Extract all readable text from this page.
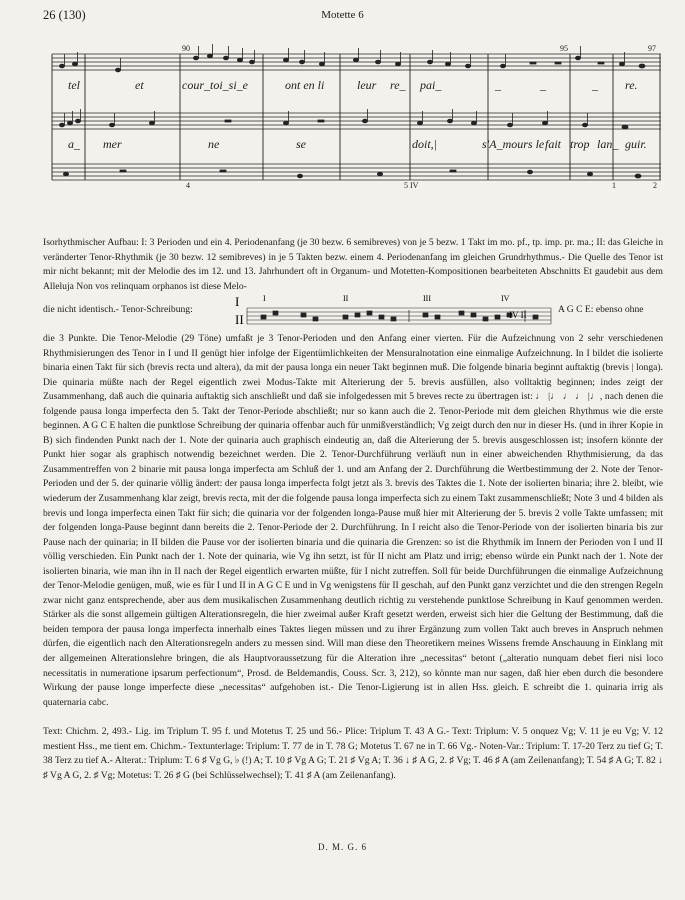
26 (130)	Motette 6
90	95	97
4	5 IV	1	2
tel	et	cour_toi_si_e	ont en li	leur re_ pai_	_	_	_ re.
a_ mer	ne	se	doit,|	s'A_mours le fait trop lan_ guir.

Isorhythmischer Aufbau: I: 3 Perioden und ein 4. Periodenanfang (je 30 bezw. 6 semibreves) von je 5 bezw. 1 Takt im mo. pf., tp. imp. pr. ma.; II: das Gleiche in veränderter Tenor-Rhythmik (je 30 bezw. 12 semibreves) in je 5 Takten bezw. einem 4. Periodenanfang im gleichen Grundrhythmus.- Die Quelle des Tenor ist mir nicht bekannt; mit der Melodie des im 12. und 13. Jahrhundert oft in Organum- und Motetten-Kompositionen bearbeiteten Abschnitts Et gaudebit aus dem Alleluja Non vos relinquam orphanos ist diese Melo-

die nicht identisch.- Tenor-Schreibung:
I
II
I	II	III	IV
IV II	A G C E: ebenso ohne

die 3 Punkte. Die Tenor-Melodie (29 Töne) umfaßt je 3 Tenor-Perioden und den Anfang einer vierten. Für die Aufzeichnung von 2 sehr verschiedenen Rhythmisierungen des Tenor in I und II genügt hier infolge der Eigentümlichkeiten der Mensuralnotation eine einmalige Aufzeichnung. In I bildet die isolierte binaria einen Takt für sich (brevis recta und altera), da mit der pausa longa ein neuer Takt beginnen muß. Die folgende binaria beginnt auftaktig (brevis | longa). Die quinaria müßte nach der Regel eigentlich zwei Modus-Takte mit Alterierung der 5. brevis ausfüllen, also volltaktig beginnen; indes zeigt der Zusammenhang, daß auch die quinaria auftaktig sich anschließt und daß sie infolgedessen mit 5 breves recte zu übertragen ist: ♩ |♩ ♩ ♩ |♩, nach denen die folgende pausa longa imperfecta den 5. Takt der Tenor-Periode abschließt; nur so kann auch die 2. Tenor-Periode mit dem gleichen Rhythmus wie die erste beginnen. A G C E halten die punktlose Schreibung der quinaria offenbar auch für unmißverständlich; Vg zeigt durch den nur in dieser Hs. (und in ihrer Kopie in B) sich findenden Punkt nach der 1. Note der quinaria auch graphisch eindeutig an, daß die Alterierung der 5. brevis ausgeschlossen ist; insofern könnte der Punkt hier sogar als graphisch notwendig bezeichnet werden. Die 2. Tenor-Durchführung verläuft nun in einer abweichenden Rhythmisierung, da das Zusammentreffen von 2 binarie mit pausa longa imperfecta am Schluß der 1. und am Anfang der 2. Durchführung die Wertbestimmung der 2. Note der Tenor-Perioden und der 5. der quinarie völlig ändert: der pausa longa imperfecta folgt jetzt als 3. brevis des Taktes die 1. Note der isolierten binaria; ihre 2. bleibt, wie wiederum der Zusammenhang klar zeigt, brevis recta, mit der die folgende pausa longa imperfecta sich zu einem Takt zusammenschließt; Note 3 und 4 bilden als brevis und longa imperfecta einen Takt für sich; die quinaria vor der folgenden longa-Pause muß hier mit Alterierung der 5. brevis 2 volle Takte umfassen; mit der folgenden longa-Pause beginnt dann bereits die 2. Tenor-Periode der 2. Durchführung. In I reicht also die Tenor-Periode von der isolierten binaria bis zur Pause nach der quinaria; in II bilden die Pause vor der isolierten binaria und die quinaria die Grenzen: so ist die Rhythmik im Innern der Perioden von I und II völlig verschieden. Ein Punkt nach der 1. Note der quinaria, wie Vg ihn setzt, ist für II nicht am Platz und irrig; ebenso würde ein Punkt nach der 1. Note der isolierten binaria, wie man ihn in II nach der Regel eigentlich erwarten müßte, für I nicht zutreffen. Soll für beide Durchführungen die einmalige Aufzeichnung der Tenor-Melodie genügen, muß, wie es für I und II in A G C E und in Vg wenigstens für II geschah, auf den Punkt ganz verzichtet und die den strengen Regeln zwar nicht ganz entsprechende, aber aus dem musikalischen Zusammenhang deutlich richtig zu verstehende punktlose Schreibung in Kauf genommen werden. Stärker als die sonst allgemein gültigen Alterationsregeln, die hier zweimal außer Kraft gesetzt werden, erweist sich hier die Geltung der Bestimmung, daß die beiden tempora der pausa longa imperfecta innerhalb eines Taktes liegen müssen und zu ihrer Ergänzung zum vollen Takt auch breves in Anspruch nehmen dürfen, die eigentlich nach den Alterationsregeln anders zu messen sind. Will man diese den Theoretikern meines Wissens fremde Anschauung in Einklang mit der allgemeinen Alterationslehre bringen, die als Hauptvoraussetzung für die Alteration ihre „necessitas“ betont („alteratio nunquam debet fieri nisi loco necessitatis in numeratione ipsarum perfectionum“, Prosd. de Beldemandis, Couss. Scr. 3, 212), so könnte man nur sagen, daß hier eben durch die besondere Wirkung der pause longe imperfecte diese „necessitas“ aufgehoben ist.- Die Tenor-Ligierung ist in allen Hss. gleich. E schreibt die 1. quinaria irrig als quaternaria cabc.

Text: Chichm. 2, 493.- Lig. im Triplum T. 95 f. und Motetus T. 25 und 56.- Plice: Triplum T. 43 A G.- Text: Triplum: V. 5 onquez Vg; V. 11 je eu Vg; V. 12 mestient Hss., me tient em. Chichm.- Textunterlage: Triplum: T. 77 de in T. 78 G; Motetus T. 67 ne in T. 66 Vg.- Noten-Var.: Triplum: T. 17-20 Terz zu tief G; T. 38 Terz zu tief A.- Alterat.: Triplum: T. 6 ♯ Vg G, ♭ (!) A; T. 10 ♯ Vg A G; T. 21 ♯ Vg A; T. 36 ↓ ♯ A G, 2. ♯ Vg; T. 46 ♯ A (am Zeilenanfang); T. 54 ♯ A G; T. 82 ↓ ♯ Vg A G, 2. ♯ Vg; Motetus: T. 26 ♯ G (bei Schlüsselwechsel); T. 41 ♯ A (am Zeilenanfang).

D. M. G. 6
